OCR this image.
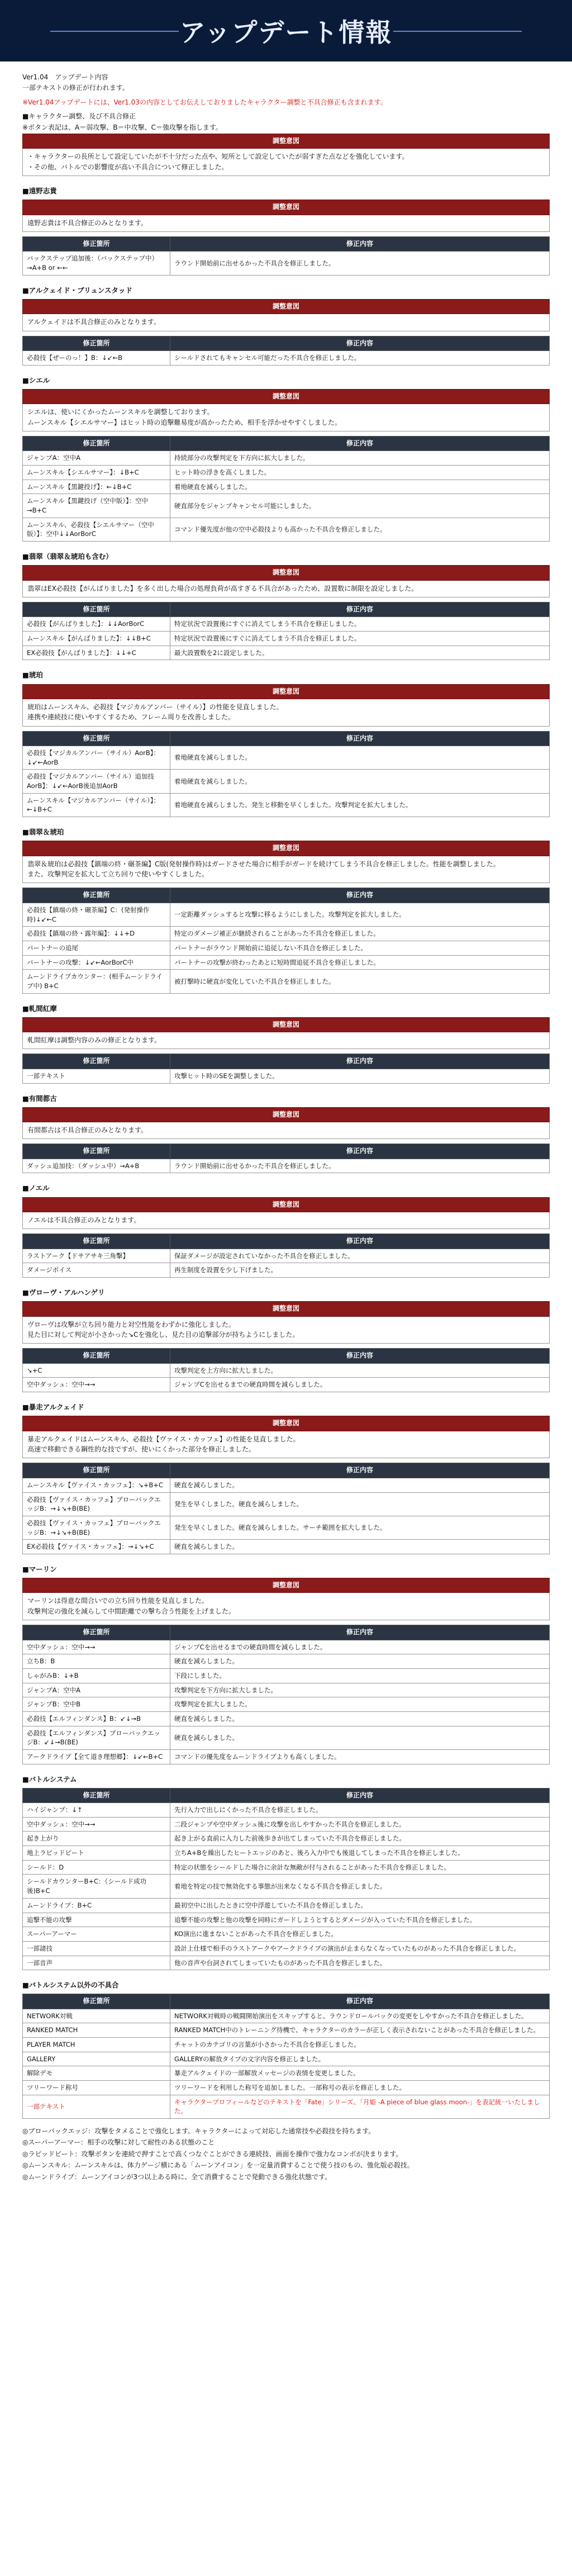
アップデート情報

Ver1.04　アップデート内容

一部テキストの修正が行われます。

※Ver1.04アップデートには、Ver1.03の内容としてお伝えしておりましたキャラクター調整と不具合修正も含まれます。

■キャラクター調整、及び不具合修正

※ボタン表記は、A＝弱攻撃、B＝中攻撃、C＝強攻撃を指します。

調整意図

・キャラクターの長所として設定していたが不十分だった点や、短所として設定していたが弱すぎた点などを強化しています。

・その他、バトルでの影響度が高い不具合について修正しました。

■遠野志貴
調整意図

遠野志貴は不具合修正のみとなります。

修正箇所	修正内容
バックステップ追加後：（バックステップ中）→A+B or ←←	ラウンド開始前に出せるかった不具合を修正しました。
■アルクェイド・ブリュンスタッド
調整意図

アルクェイドは不具合修正のみとなります。

修正箇所	修正内容
必殺技【ぜーのっ！】B：↓↙←B	シールドされてもキャンセル可能だった不具合を修正しました。
■シエル
調整意図

シエルは、使いにくかったムーンスキルを調整しております。

ムーンスキル【シエルサマー】はヒット時の追撃難易度が高かったため、相手を浮かせやすくしました。

修正箇所	修正内容
ジャンプA：空中A	持続部分の攻撃判定を下方向に拡大しました。
ムーンスキル【シエルサマー】：↓B+C	ヒット時の浮きを高くしました。
ムーンスキル【黒鍵投げ】：←↓B+C	着地硬直を減らしました。
ムーンスキル【黒鍵投げ（空中版）】：空中→B+C	硬直部分をジャンプキャンセル可能にしました。
ムーンスキル、必殺技【シエルサマー（空中版）】：空中↓↓AorBorC	コマンド優先度が他の空中必殺技よりも高かった不具合を修正しました。
■翡翠（翡翠＆琥珀も含む）
調整意図

翡翠はEX必殺技【がんばりました】を多く出した場合の処理負荷が高すぎる不具合があったため、設置数に制限を設定しました。

修正箇所	修正内容
必殺技【がんばりました】：↓↓AorBorC	特定状況で設置後にすぐに消えてしまう不具合を修正しました。
ムーンスキル【がんばりました】：↓↓B+C	特定状況で設置後にすぐに消えてしまう不具合を修正しました。
EX必殺技【がんばりました】：↓↓+C	最大設置数を2に設定しました。
■琥珀
調整意図

琥珀はムーンスキル、必殺技【マジカルアンバー（サイル）】の性能を見直しました。

連携や連続技に使いやすくするため、フレーム周りを改善しました。

修正箇所	修正内容
必殺技【マジカルアンバー（サイル）AorB】：↓↙←AorB	着地硬直を減らしました。
必殺技【マジカルアンバー（サイル）追加技AorB】：↓↙←AorB後追加AorB	着地硬直を減らしました。
ムーンスキル【マジカルアンバー（サイル）】：←↓B+C	着地硬直を減らしました。発生と移動を早くしました。攻撃判定を拡大しました。
■翡翠＆琥珀
調整意図

翡翠＆琥珀は必殺技【鎮端の終・碾茶編】C版(発射操作時)はガードさせた場合に相手がガードを続けてしまう不具合を修正しました。性能を調整しました。

また、攻撃判定を拡大して立ち回りで使いやすくしました。

修正箇所	修正内容
必殺技【鎮端の終・碾茶編】C：(発射操作時)↓↙←C	一定距離ダッシュすると攻撃に移るようにしました。攻撃判定を拡大しました。
必殺技【鎮端の終・露年編】：↓↓+D	特定のダメージ補正が継続されることがあった不具合を修正しました。
パートナーの追尾	パートナーがラウンド開始前に追従しない不具合を修正しました。
パートナーの攻撃：↓↙←AorBorC中	パートナーの攻撃が終わったあとに短時間追従不具合を修正しました。
ムーンドライブカウンター：(相手ムーンドライブ中) B+C	被打撃時に硬直が変化していた不具合を修正しました。
■軋間紅摩
調整意図

軋間紅摩は調整内容のみの修正となります。

修正箇所	修正内容
一部テキスト	攻撃ヒット時のSEを調整しました。
■有間都古
調整意図

有間都古は不具合修正のみとなります。

修正箇所	修正内容
ダッシュ追加技：（ダッシュ中）→A+B	ラウンド開始前に出せるかった不具合を修正しました。
■ノエル
調整意図

ノエルは不具合修正のみとなります。

修正箇所	修正内容
ラストアーク【ドサアサキ三角擊】	保証ダメージが設定されていなかった不具合を修正しました。
ダメージポイス	再生制度を設置を少し下げました。
■ヴローヴ・アルハンゲリ
調整意図

ヴローヴは攻撃が立ち回り能力と対空性能をわずかに強化しました。

見た目に対して判定が小さかった↘Cを強化し、見た目の追撃部分が持ちようにしました。

修正箇所	修正内容
↘+C	攻撃判定を上方向に拡大しました。
空中ダッシュ：空中→→	ジャンプCを出せるまでの硬直時間を減らしました。
■暴走アルクェイド
調整意図

暴走アルクェイドはムーンスキル、必殺技【ヴァイス・カッフェ】の性能を見直しました。

高速で移動できる鋼性的な技ですが、使いにくかった部分を修正しました。

修正箇所	修正内容
ムーンスキル【ヴァイス・カッフェ】：↘+B+C	硬直を減らしました。
必殺技【ヴァイス・カッフェ】ブローバックエッジB：→↓↘+B(BE)	発生を早くしました。硬直を減らしました。
必殺技【ヴァイス・カッフェ】ブローバックエッジB：→↓↘+B(BE)	発生を早くしました。硬直を減らしました。サーチ範囲を拡大しました。
EX必殺技【ヴァイス・カッフェ】：→↓↘+C	硬直を減らしました。
■マーリン
調整意図

マーリンは得意な間合いでの立ち回り性能を見直しました。

攻撃判定の強化を減らして中間距離での撃ち合う性能を上げました。

修正箇所	修正内容
空中ダッシュ：空中→→	ジャンプCを出せるまでの硬直時間を減らしました。
立ちB：B	硬直を減らしました。
しゃがみB：↓+B	下段にしました。
ジャンプA：空中A	攻撃判定を下方向に拡大しました。
ジャンプB：空中B	攻撃判定を拡大しました。
必殺技【エルフィンダンス】B：↙↓→B	硬直を減らしました。
必殺技【エルフィンダンス】ブローバックエッジB：↙↓→B(BE)	硬直を減らしました。
アークドライブ【全て道き理想郷】：↓↙←B+C	コマンドの優先度をムーンドライブよりも高くしました。
■バトルシステム
修正箇所	修正内容
ハイジャンプ：↓↑	先行入力で出しにくかった不具合を修正しました。
空中ダッシュ：空中→→	二段ジャンプや空中ダッシュ後に攻撃を出しやすかった不具合を修正しました。
起き上がり	起き上がる直前に入力した前後歩きが出てしまっていた不具合を修正しました。
地上ラピッドビート	立ちA+Bを繰出したヒートエッジのあと、後ろ入力中でも後退してしまった不具合を修正しました。
シールド：D	特定の状態をシールドした場合に余計な無敵が付与されることがあった不具合を修正しました。
シールドカウンターB+C：（シールド成功後)B+C	着地を特定の技で無効化する事態が出来なくなる不具合を修正しました。
ムーンドライブ：B+C	最初空中に出したときに空中浮遊していた不具合を修正しました。
追撃不能の攻撃	追撃不能の攻撃と他の攻撃を同時にガードしようとするとダメージが入っていた不具合を修正しました。
スーパーアーマー	KO演出に進まないことがあった不具合を修正しました。
一部諸技	設計上仕様で相手のラストアークやアークドライブの演出が止まらなくなっていたものがあった不具合を修正しました。
一部音声	他の音声や台詞されてしまっていたものがあった不具合を修正しました。
■バトルシステム以外の不具合
修正箇所	修正内容
NETWORK対戦	NETWORK対戦時の戦闘開始演出をスキップすると、ラウンドロールバックの変更をしやすかった不具合を修正しました。
RANKED MATCH	RANKED MATCH中のトレーニング待機で、キャラクターのカラーが正しく表示されないことがあった不具合を修正しました。
PLAYER MATCH	チャットのカテゴリの言葉が小さかった不具合を修正しました。
GALLERY	GALLERYの解放タイプの文字内容を修正しました。
解除デモ	暴走アルクェイドの一部解放メッセージの表情を変更しました。
ツリーワード称号	ツリーワードを利用した称号を追加しました。一部称号の表示を修正しました。
一部テキスト	キャラクタープロフィールなどのテキストを「Fate」シリーズ、「月姫 -A piece of blue glass moon-」を表記統一いたしました。

◎ブローバックエッジ：攻撃をタメることで強化します。キャラクターによって対応した通常技や必殺技を持ちます。

◎スーパーアーマー：相手の攻撃に対して耐性のある状態のこと

◎ラピッドビート：攻撃ボタンを連続で押すことで高くつなぐことができる連続技、画面を操作で強力なコンボが決まります。

◎ムーンスキル：ムーンスキルは、体力ゲージ横にある「ムーンアイコン」を一定量消費することで使う技のもの、強化版必殺技。

◎ムーンドライブ：ムーンアイコンが3つ以上ある時に、全て消費することで発動できる強化状態です。
